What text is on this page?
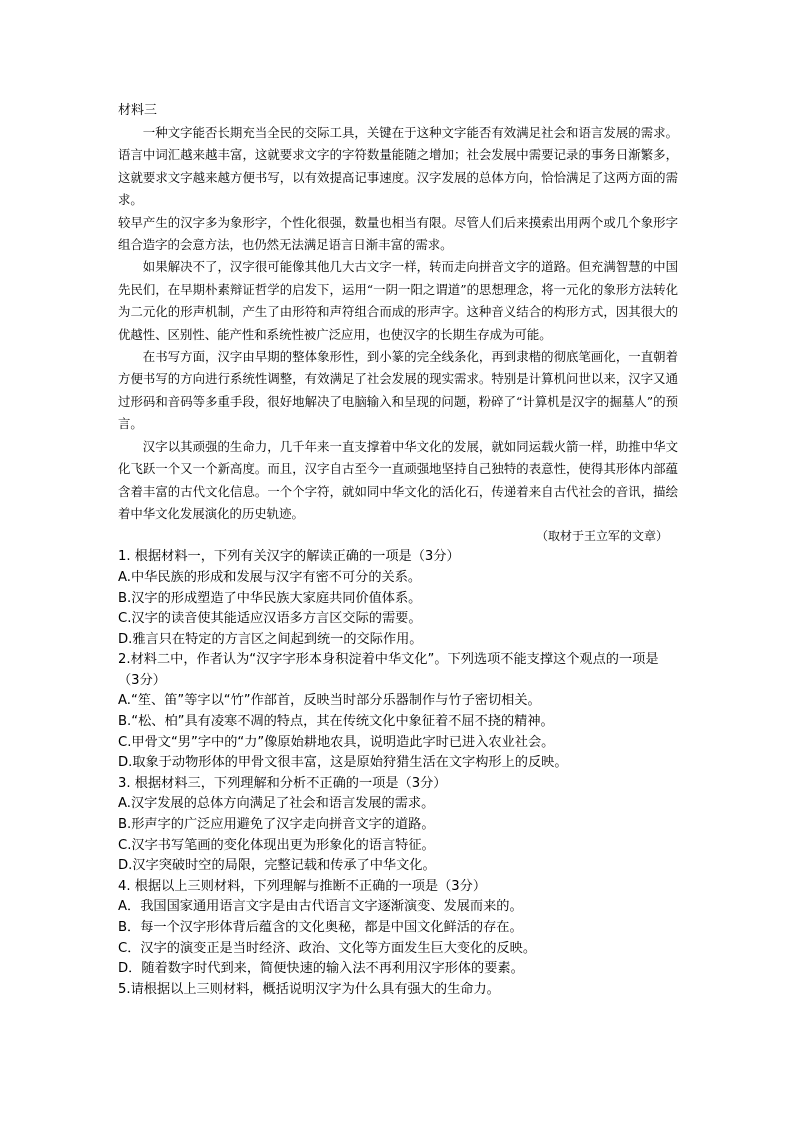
材料三

一种文字能否长期充当全民的交际工具，关键在于这种文字能否有效满足社会和语言发展的需求。语言中词汇越来越丰富，这就要求文字的字符数量能随之增加；社会发展中需要记录的事务日渐繁多，这就要求文字越来越方便书写，以有效提高记事速度。汉字发展的总体方向，恰恰满足了这两方面的需求。

较早产生的汉字多为象形字，个性化很强，数量也相当有限。尽管人们后来摸索出用两个或几个象形字组合造字的会意方法，也仍然无法满足语言日渐丰富的需求。

如果解决不了，汉字很可能像其他几大古文字一样，转而走向拼音文字的道路。但充满智慧的中国先民们，在早期朴素辩证哲学的启发下，运用“一阴一阳之谓道”的思想理念，将一元化的象形方法转化为二元化的形声机制，产生了由形符和声符组合而成的形声字。这种音义结合的构形方式，因其很大的优越性、区别性、能产性和系统性被广泛应用，也使汉字的长期生存成为可能。

在书写方面，汉字由早期的整体象形性，到小篆的完全线条化，再到隶楷的彻底笔画化，一直朝着方便书写的方向进行系统性调整，有效满足了社会发展的现实需求。特别是计算机问世以来，汉字又通过形码和音码等多重手段，很好地解决了电脑输入和呈现的问题，粉碎了“计算机是汉字的掘墓人”的预言。

汉字以其顽强的生命力，几千年来一直支撑着中华文化的发展，就如同运载火箭一样，助推中华文化飞跃一个又一个新高度。而且，汉字自古至今一直顽强地坚持自己独特的表意性，使得其形体内部蕴含着丰富的古代文化信息。一个个字符，就如同中华文化的活化石，传递着来自古代社会的音讯，描绘着中华文化发展演化的历史轨迹。

（取材于王立军的文章）

1. 根据材料一，下列有关汉字的解读正确的一项是（3分）

A.中华民族的形成和发展与汉字有密不可分的关系。

B.汉字的形成塑造了中华民族大家庭共同价值体系。

C.汉字的读音使其能适应汉语多方言区交际的需要。

D.雅言只在特定的方言区之间起到统一的交际作用。

2.材料二中，作者认为“汉字字形本身积淀着中华文化”。下列选项不能支撑这个观点的一项是（3分）

A.“笙、笛”等字以“竹”作部首，反映当时部分乐器制作与竹子密切相关。

B.“松、柏”具有凌寒不凋的特点，其在传统文化中象征着不屈不挠的精神。

C.甲骨文“男”字中的“力”像原始耕地农具，说明造此字时已进入农业社会。

D.取象于动物形体的甲骨文很丰富，这是原始狩猎生活在文字构形上的反映。

3. 根据材料三，下列理解和分析不正确的一项是（3分）

A.汉字发展的总体方向满足了社会和语言发展的需求。

B.形声字的广泛应用避免了汉字走向拼音文字的道路。

C.汉字书写笔画的变化体现出更为形象化的语言特征。

D.汉字突破时空的局限，完整记载和传承了中华文化。

4. 根据以上三则材料，下列理解与推断不正确的一项是（3分）

A．我国国家通用语言文字是由古代语言文字逐渐演变、发展而来的。

B．每一个汉字形体背后蕴含的文化奥秘，都是中国文化鲜活的存在。

C．汉字的演变正是当时经济、政治、文化等方面发生巨大变化的反映。

D．随着数字时代到来，简便快速的输入法不再利用汉字形体的要素。

5.请根据以上三则材料，概括说明汉字为什么具有强大的生命力。
